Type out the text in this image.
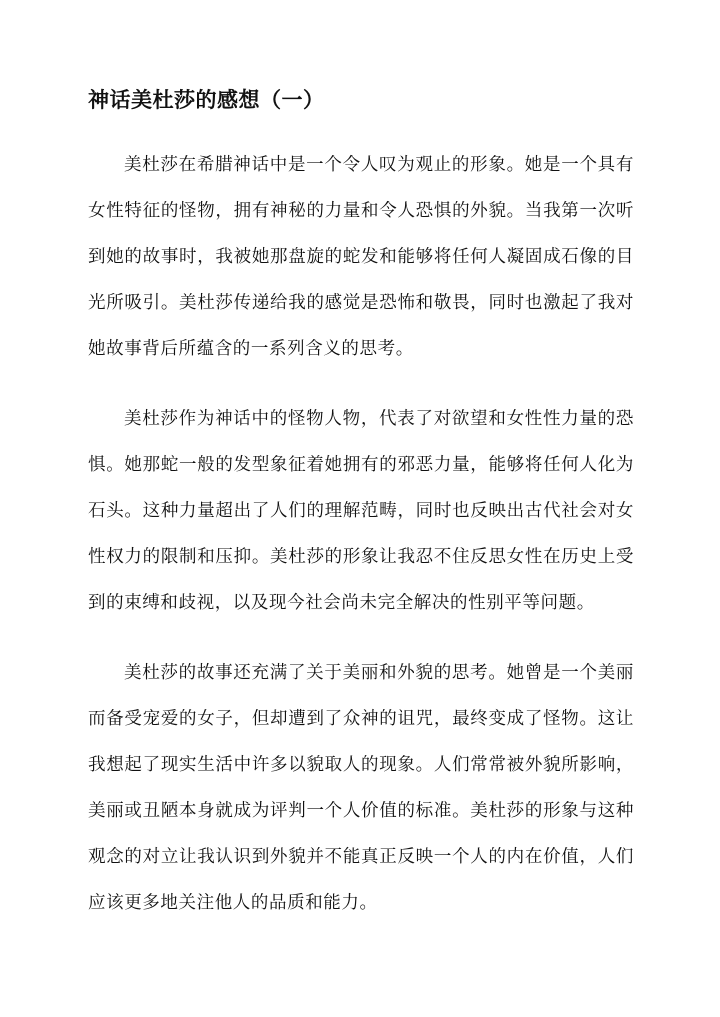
神话美杜莎的感想（一）

美杜莎在希腊神话中是一个令人叹为观止的形象。她是一个具有女性特征的怪物，拥有神秘的力量和令人恐惧的外貌。当我第一次听到她的故事时，我被她那盘旋的蛇发和能够将任何人凝固成石像的目光所吸引。美杜莎传递给我的感觉是恐怖和敬畏，同时也激起了我对她故事背后所蕴含的一系列含义的思考。

美杜莎作为神话中的怪物人物，代表了对欲望和女性性力量的恐惧。她那蛇一般的发型象征着她拥有的邪恶力量，能够将任何人化为石头。这种力量超出了人们的理解范畴，同时也反映出古代社会对女性权力的限制和压抑。美杜莎的形象让我忍不住反思女性在历史上受到的束缚和歧视，以及现今社会尚未完全解决的性别平等问题。

美杜莎的故事还充满了关于美丽和外貌的思考。她曾是一个美丽而备受宠爱的女子，但却遭到了众神的诅咒，最终变成了怪物。这让我想起了现实生活中许多以貌取人的现象。人们常常被外貌所影响，美丽或丑陋本身就成为评判一个人价值的标准。美杜莎的形象与这种观念的对立让我认识到外貌并不能真正反映一个人的内在价值，人们应该更多地关注他人的品质和能力。
